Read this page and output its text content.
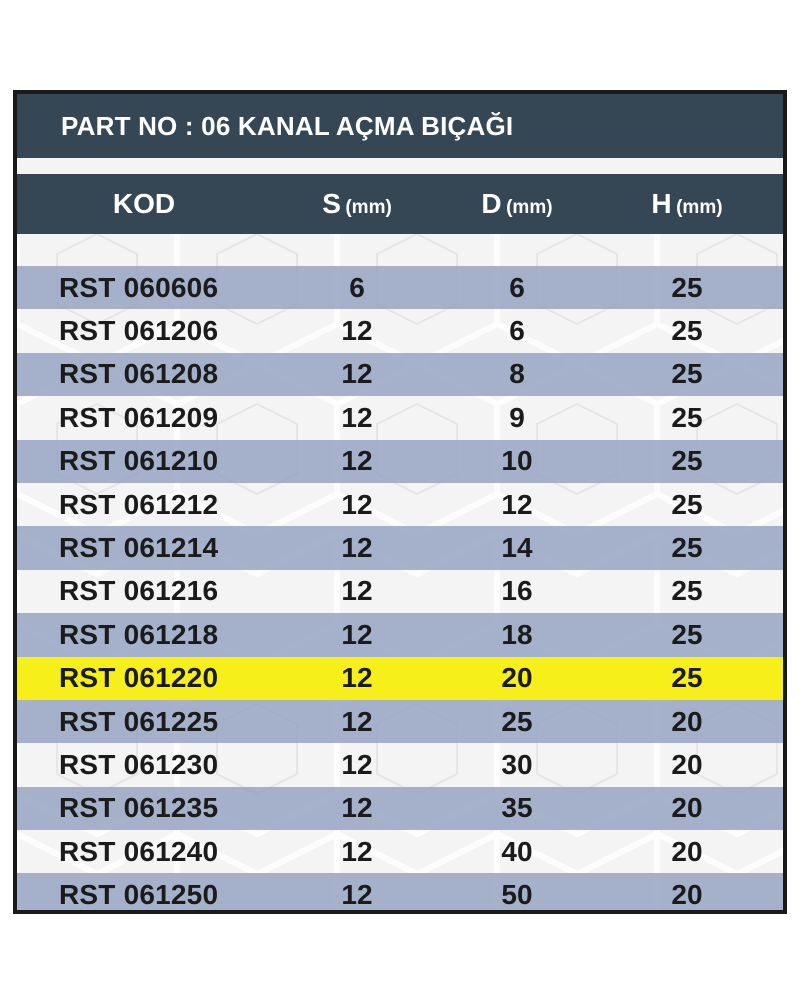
PART NO : 06 KANAL AÇMA BIÇAĞI
KOD	S (mm)	D (mm)	H (mm)
RST 060606	6	6	25
RST 061206	12	6	25
RST 061208	12	8	25
RST 061209	12	9	25
RST 061210	12	10	25
RST 061212	12	12	25
RST 061214	12	14	25
RST 061216	12	16	25
RST 061218	12	18	25
RST 061220	12	20	25
RST 061225	12	25	20
RST 061230	12	30	20
RST 061235	12	35	20
RST 061240	12	40	20
RST 061250	12	50	20
